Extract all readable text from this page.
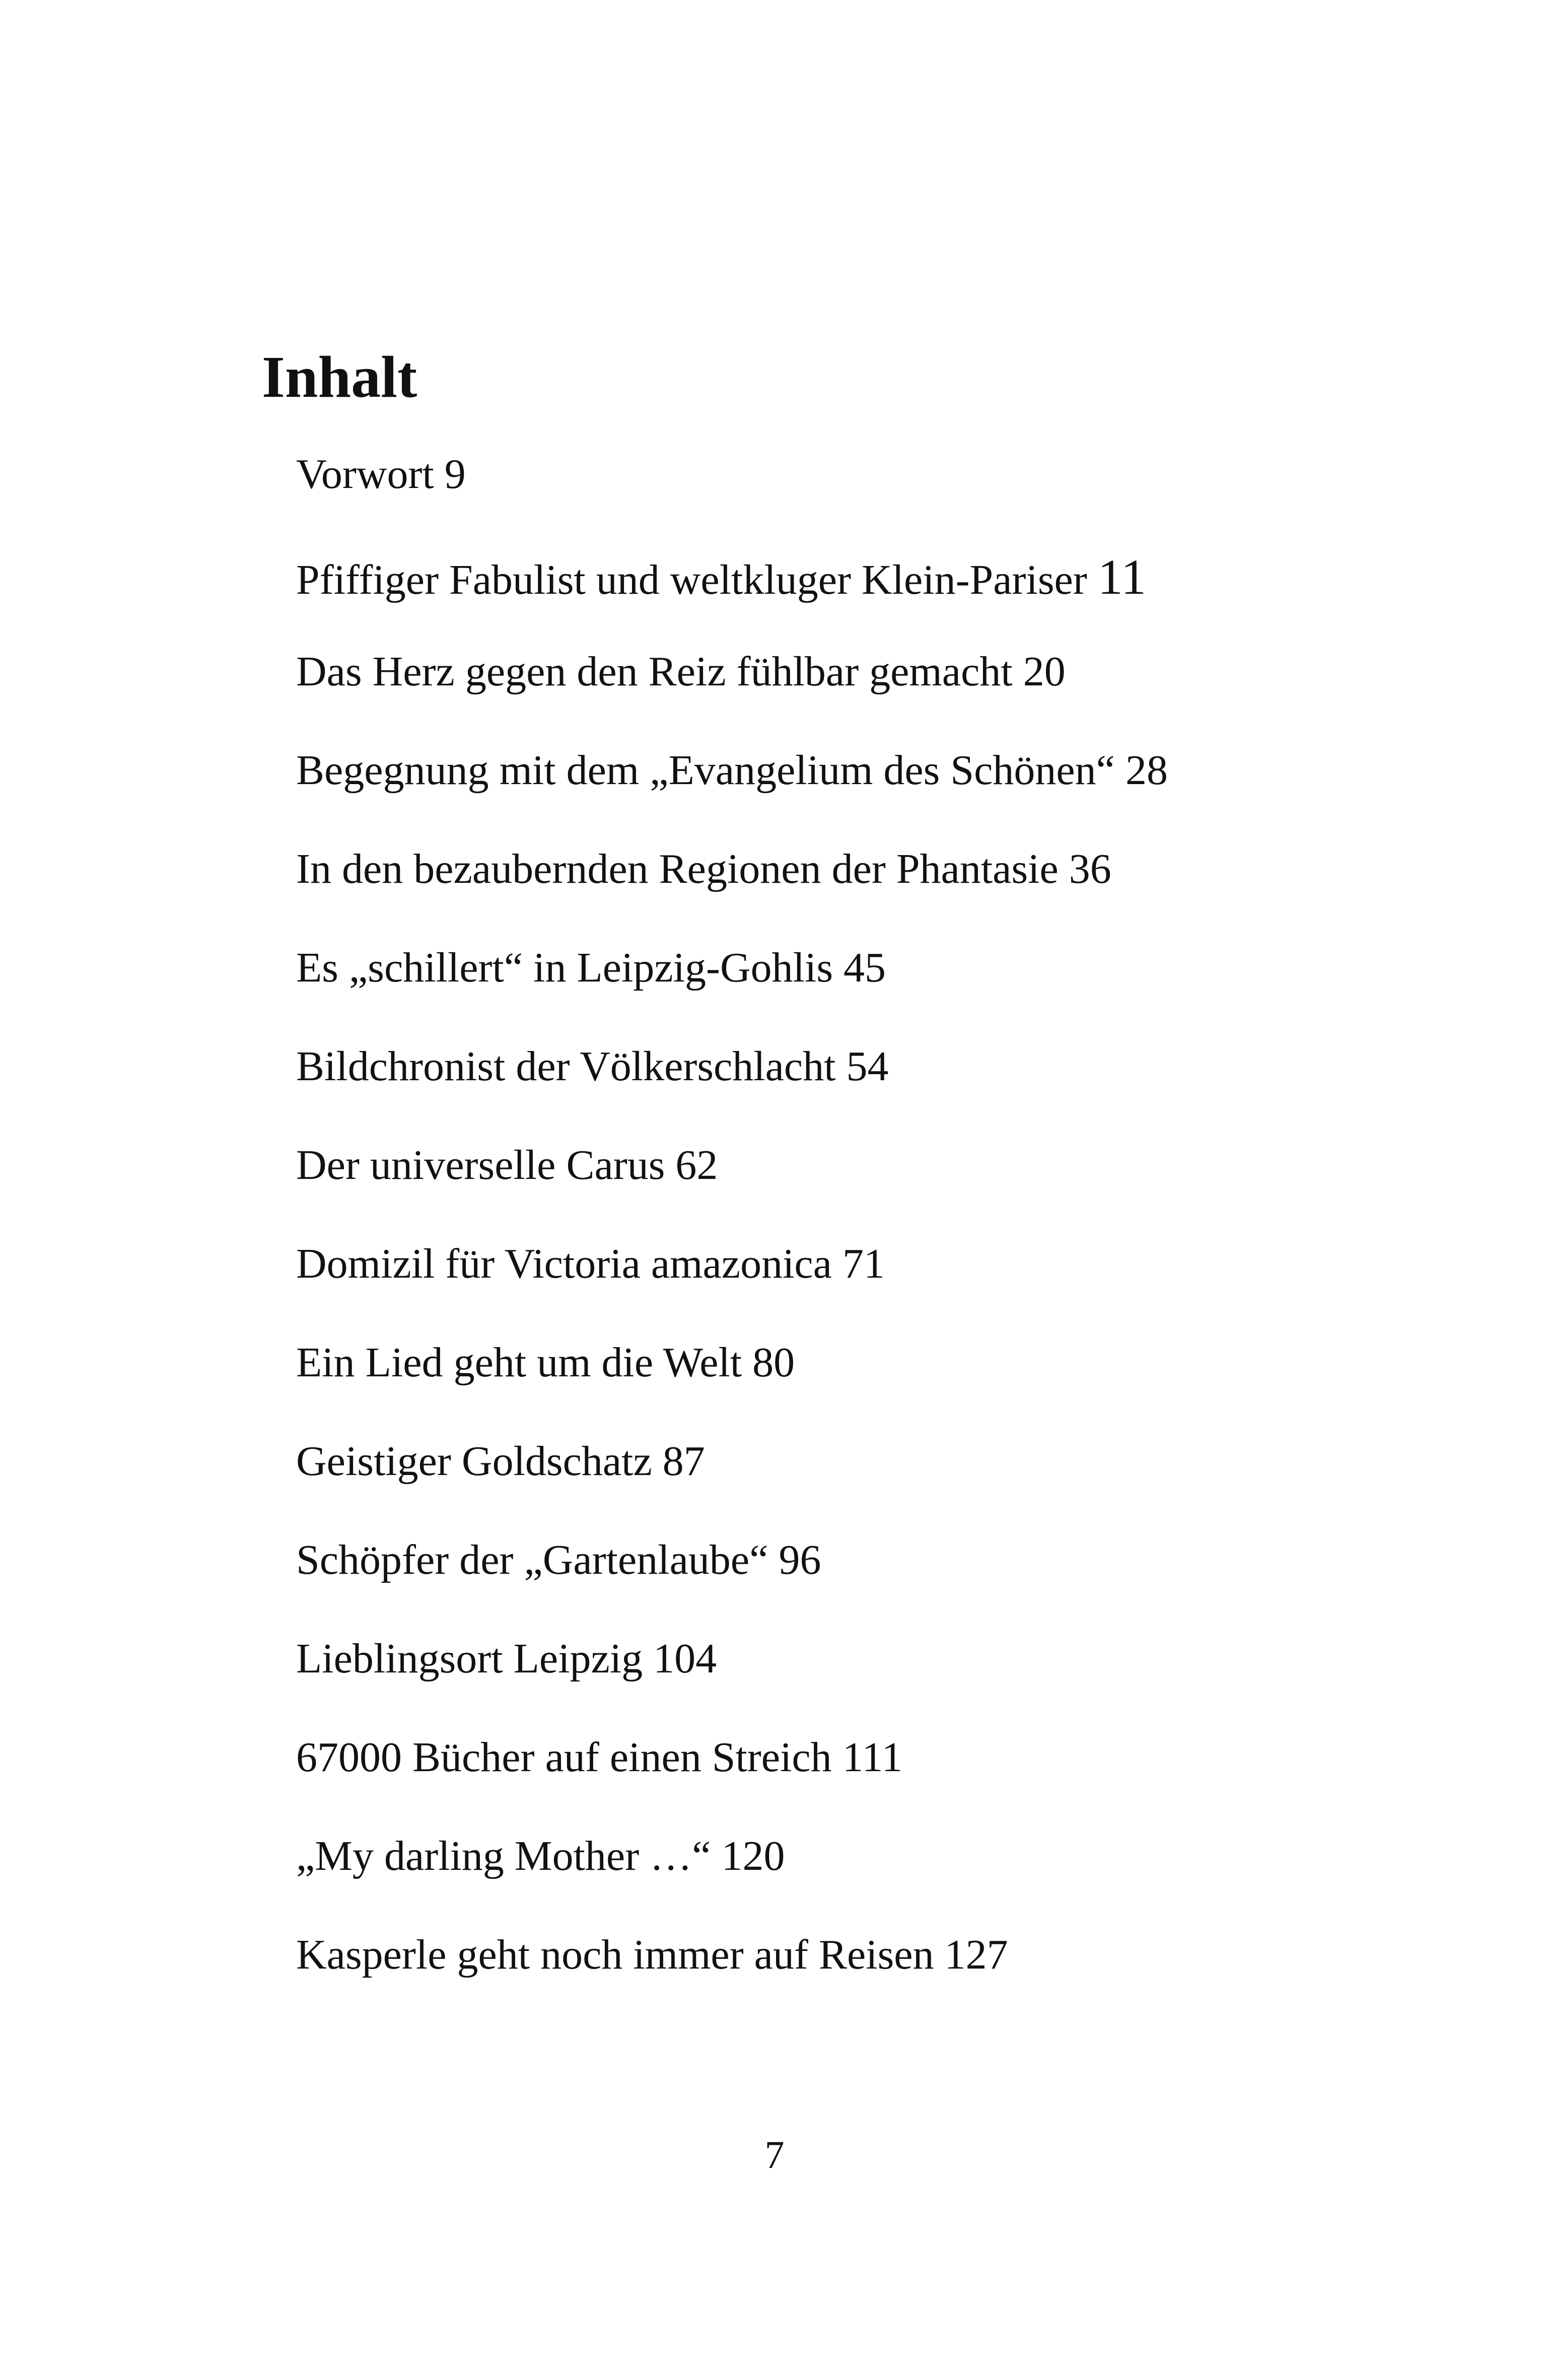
Inhalt
Vorwort 9
Pfiffiger Fabulist und weltkluger Klein-Pariser 11
Das Herz gegen den Reiz fühlbar gemacht 20
Begegnung mit dem „Evangelium des Schönen“ 28
In den bezaubernden Regionen der Phantasie 36
Es „schillert“ in Leipzig-Gohlis 45
Bildchronist der Völkerschlacht 54
Der universelle Carus 62
Domizil für Victoria amazonica 71
Ein Lied geht um die Welt 80
Geistiger Goldschatz 87
Schöpfer der „Gartenlaube“ 96
Lieblingsort Leipzig 104
67000 Bücher auf einen Streich 111
„My darling Mother …“ 120
Kasperle geht noch immer auf Reisen 127
7
